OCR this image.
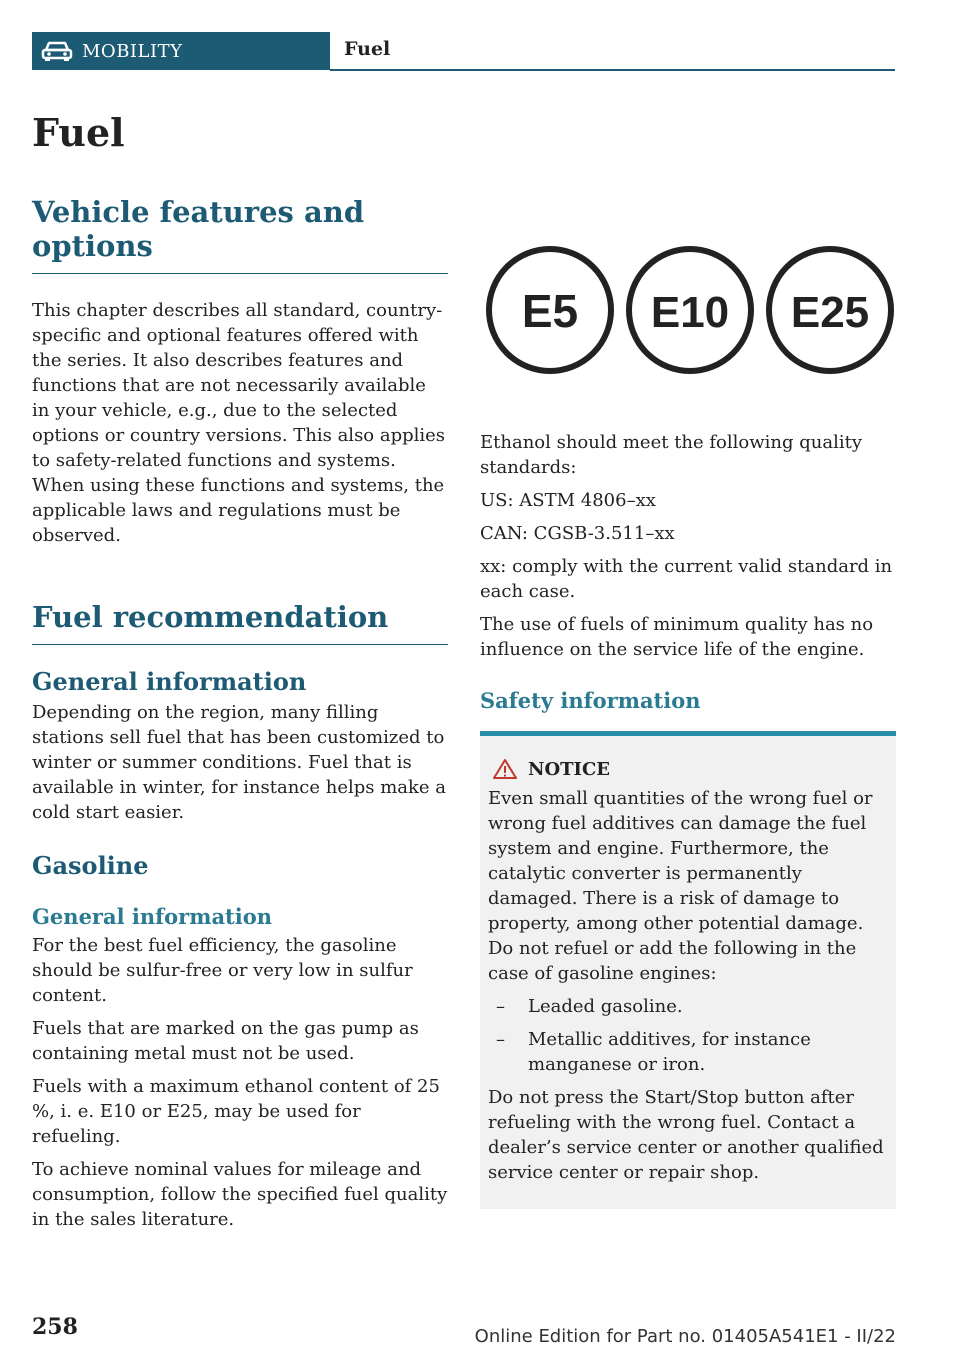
MOBILITY	Fuel
Fuel
Vehicle features and options

This chapter describes all standard, country-specific and optional features offered with the series. It also describes features and functions that are not necessarily available in your vehicle, e.g., due to the selected options or country versions. This also applies to safety-related functions and systems. When using these functions and systems, the applicable laws and regulations must be observed.

Fuel recommendation
General information

Depending on the region, many filling stations sell fuel that has been customized to winter or summer conditions. Fuel that is available in winter, for instance helps make a cold start easier.

Gasoline
General information

For the best fuel efficiency, the gasoline should be sulfur-free or very low in sulfur content.

Fuels that are marked on the gas pump as containing metal must not be used.

Fuels with a maximum ethanol content of 25 %, i. e. E10 or E25, may be used for refueling.

To achieve nominal values for mileage and consumption, follow the specified fuel quality in the sales literature.

E5 E10 E25

Ethanol should meet the following quality standards:

US: ASTM 4806–xx

CAN: CGSB-3.511–xx

xx: comply with the current valid standard in each case.

The use of fuels of minimum quality has no influence on the service life of the engine.

Safety information
NOTICE

Even small quantities of the wrong fuel or wrong fuel additives can damage the fuel system and engine. Furthermore, the catalytic converter is permanently damaged. There is a risk of damage to property, among other potential damage. Do not refuel or add the following in the case of gasoline engines:

–	Leaded gasoline.
–	Metallic additives, for instance manganese or iron.

Do not press the Start/Stop button after refueling with the wrong fuel. Contact a dealer’s service center or another qualified service center or repair shop.

258	Online Edition for Part no. 01405A541E1 - II/22
